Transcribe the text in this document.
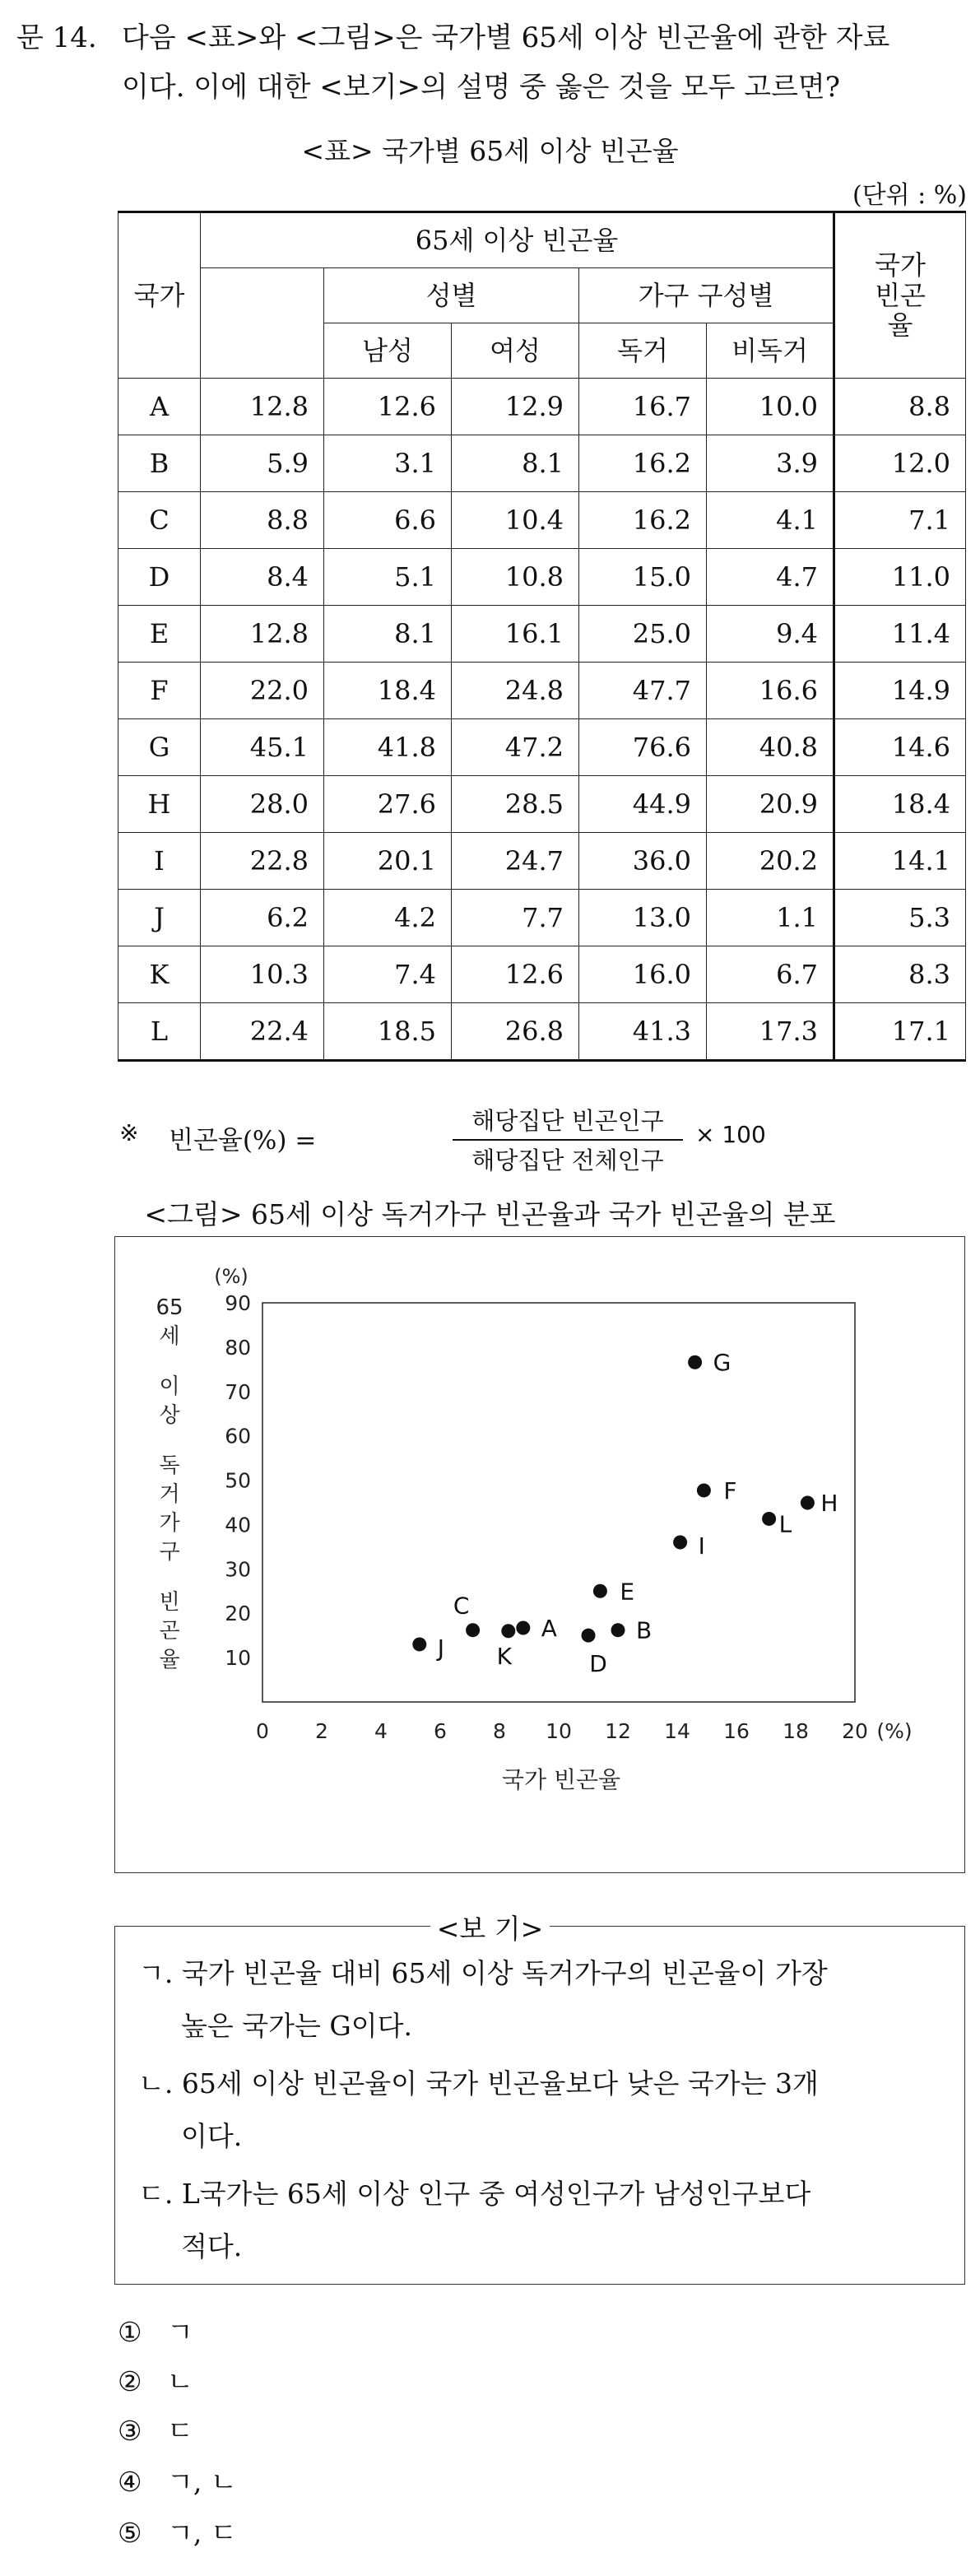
문 14. 다음 <표>와 <그림>은 국가별 65세 이상 빈곤율에 관한 자료
이다. 이에 대한 <보기>의 설명 중 옳은 것을 모두 고르면?
<표> 국가별 65세 이상 빈곤율
(단위 : %)
국가	65세 이상 빈곤율					국가 빈곤율
		성별		가구 구성별		
		남성	여성	독거	비독거	
A	12.8	12.6	12.9	16.7	10.0	8.8
B	5.9	3.1	8.1	16.2	3.9	12.0
C	8.8	6.6	10.4	16.2	4.1	7.1
D	8.4	5.1	10.8	15.0	4.7	11.0
E	12.8	8.1	16.1	25.0	9.4	11.4
F	22.0	18.4	24.8	47.7	16.6	14.9
G	45.1	41.8	47.2	76.6	40.8	14.6
H	28.0	27.6	28.5	44.9	20.9	18.4
I	22.8	20.1	24.7	36.0	20.2	14.1
J	6.2	4.2	7.7	13.0	1.1	5.3
K	10.3	7.4	12.6	16.0	6.7	8.3
L	22.4	18.5	26.8	41.3	17.3	17.1
※ 빈곤율(%) =
해당집단 빈곤인구
해당집단 전체인구
× 100
<그림> 65세 이상 독거가구 빈곤율과 국가 빈곤율의 분포
10
20
30
40
50
60
70
80
90
(%)
0 2 4 6 8 10 12 14 16 18 20 (%)
국가 빈곤율
65
세
이
상
독
거
가
구
빈
곤
율
A	B
C
D
E
F
G
H
I
J K
L
<보 기>
ㄱ. 국가 빈곤율 대비 65세 이상 독거가구의 빈곤율이 가장
높은 국가는 G이다.
ㄴ. 65세 이상 빈곤율이 국가 빈곤율보다 낮은 국가는 3개
이다.
ㄷ. L국가는 65세 이상 인구 중 여성인구가 남성인구보다
적다.
① ㄱ
② ㄴ
③ ㄷ
④ ㄱ, ㄴ
⑤ ㄱ, ㄷ
